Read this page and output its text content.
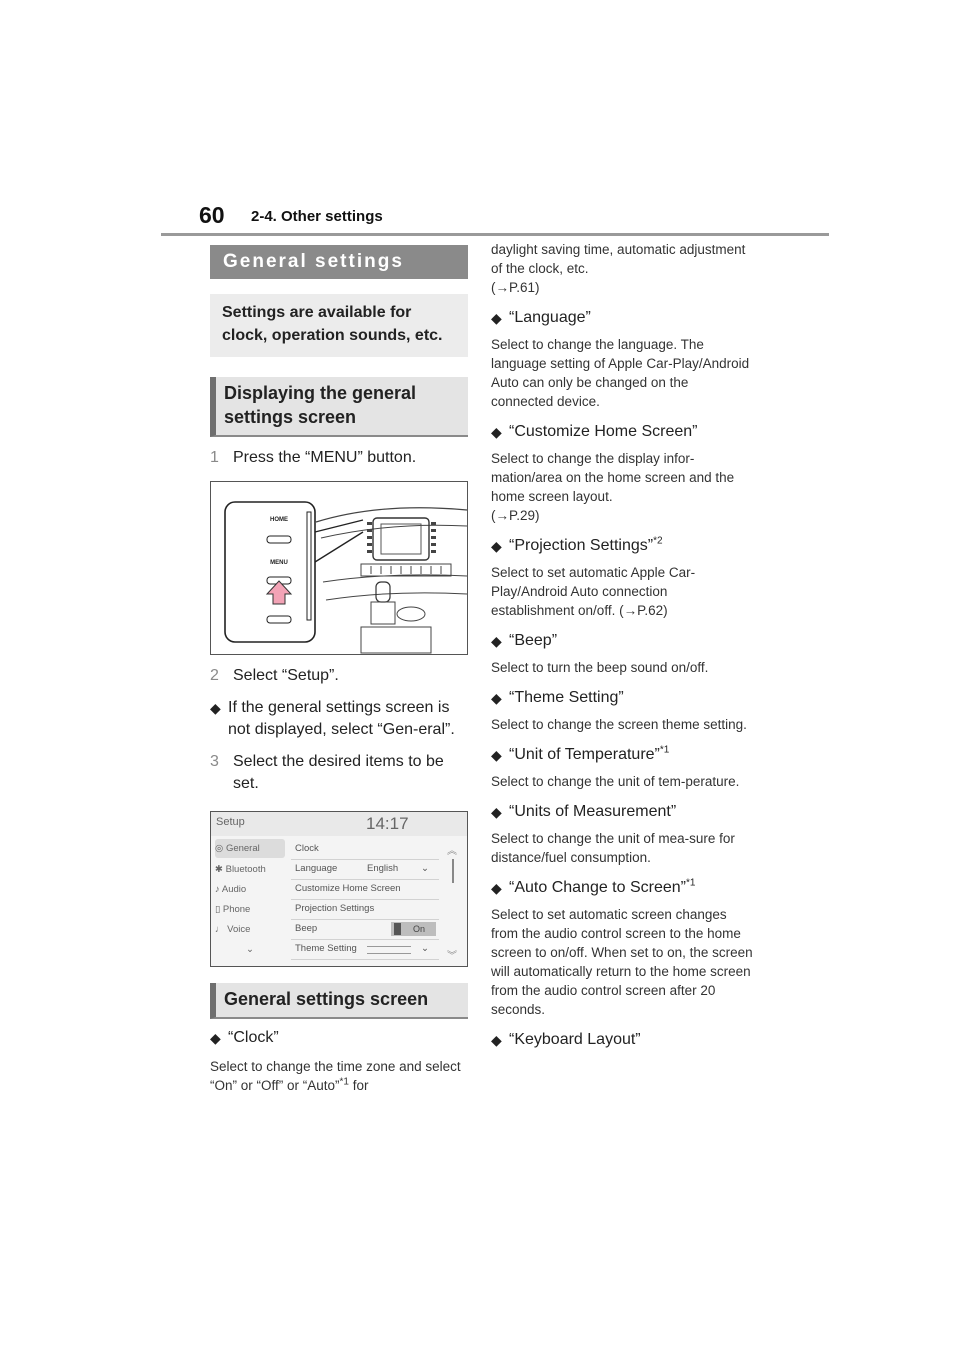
60 2-4. Other settings
General settings
Settings are available for clock, operation sounds, etc.
Displaying the general settings screen
1 Press the “MENU” button.
HOME
MENU
2 Select “Setup”.
◆ If the general settings screen is not displayed, select “Gen-eral”.
3 Select the desired items to be set.
Setup	14:17
◎ General
✱ Bluetooth
♪ Audio
▯ Phone
♩ Voice
⌄
Clock
Language	English ⌄
Customize Home Screen
Projection Settings
Beep	On
Theme Setting	⌄
︽
︾
General settings screen
◆ “Clock”
Select to change the time zone and select “On” or “Off” or “Auto”$^{*1}$ for
daylight saving time, automatic adjustment of the clock, etc.
(→P.61)
◆ “Language”
Select to change the language. The language setting of Apple Car-Play/Android Auto can only be changed on the connected device.
◆ “Customize Home Screen”
Select to change the display infor-mation/area on the home screen and the home screen layout.
(→P.29)
◆ “Projection Settings”$^{*2}$
Select to set automatic Apple Car-Play/Android Auto connection establishment on/off. (→P.62)
◆ “Beep”
Select to turn the beep sound on/off.
◆ “Theme Setting”
Select to change the screen theme setting.
◆ “Unit of Temperature”$^{*1}$
Select to change the unit of tem-perature.
◆ “Units of Measurement”
Select to change the unit of mea-sure for distance/fuel consumption.
◆ “Auto Change to Screen”$^{*1}$
Select to set automatic screen changes from the audio control screen to the home screen to on/off. When set to on, the screen will automatically return to the home screen from the audio control screen after 20 seconds.
◆ “Keyboard Layout”
